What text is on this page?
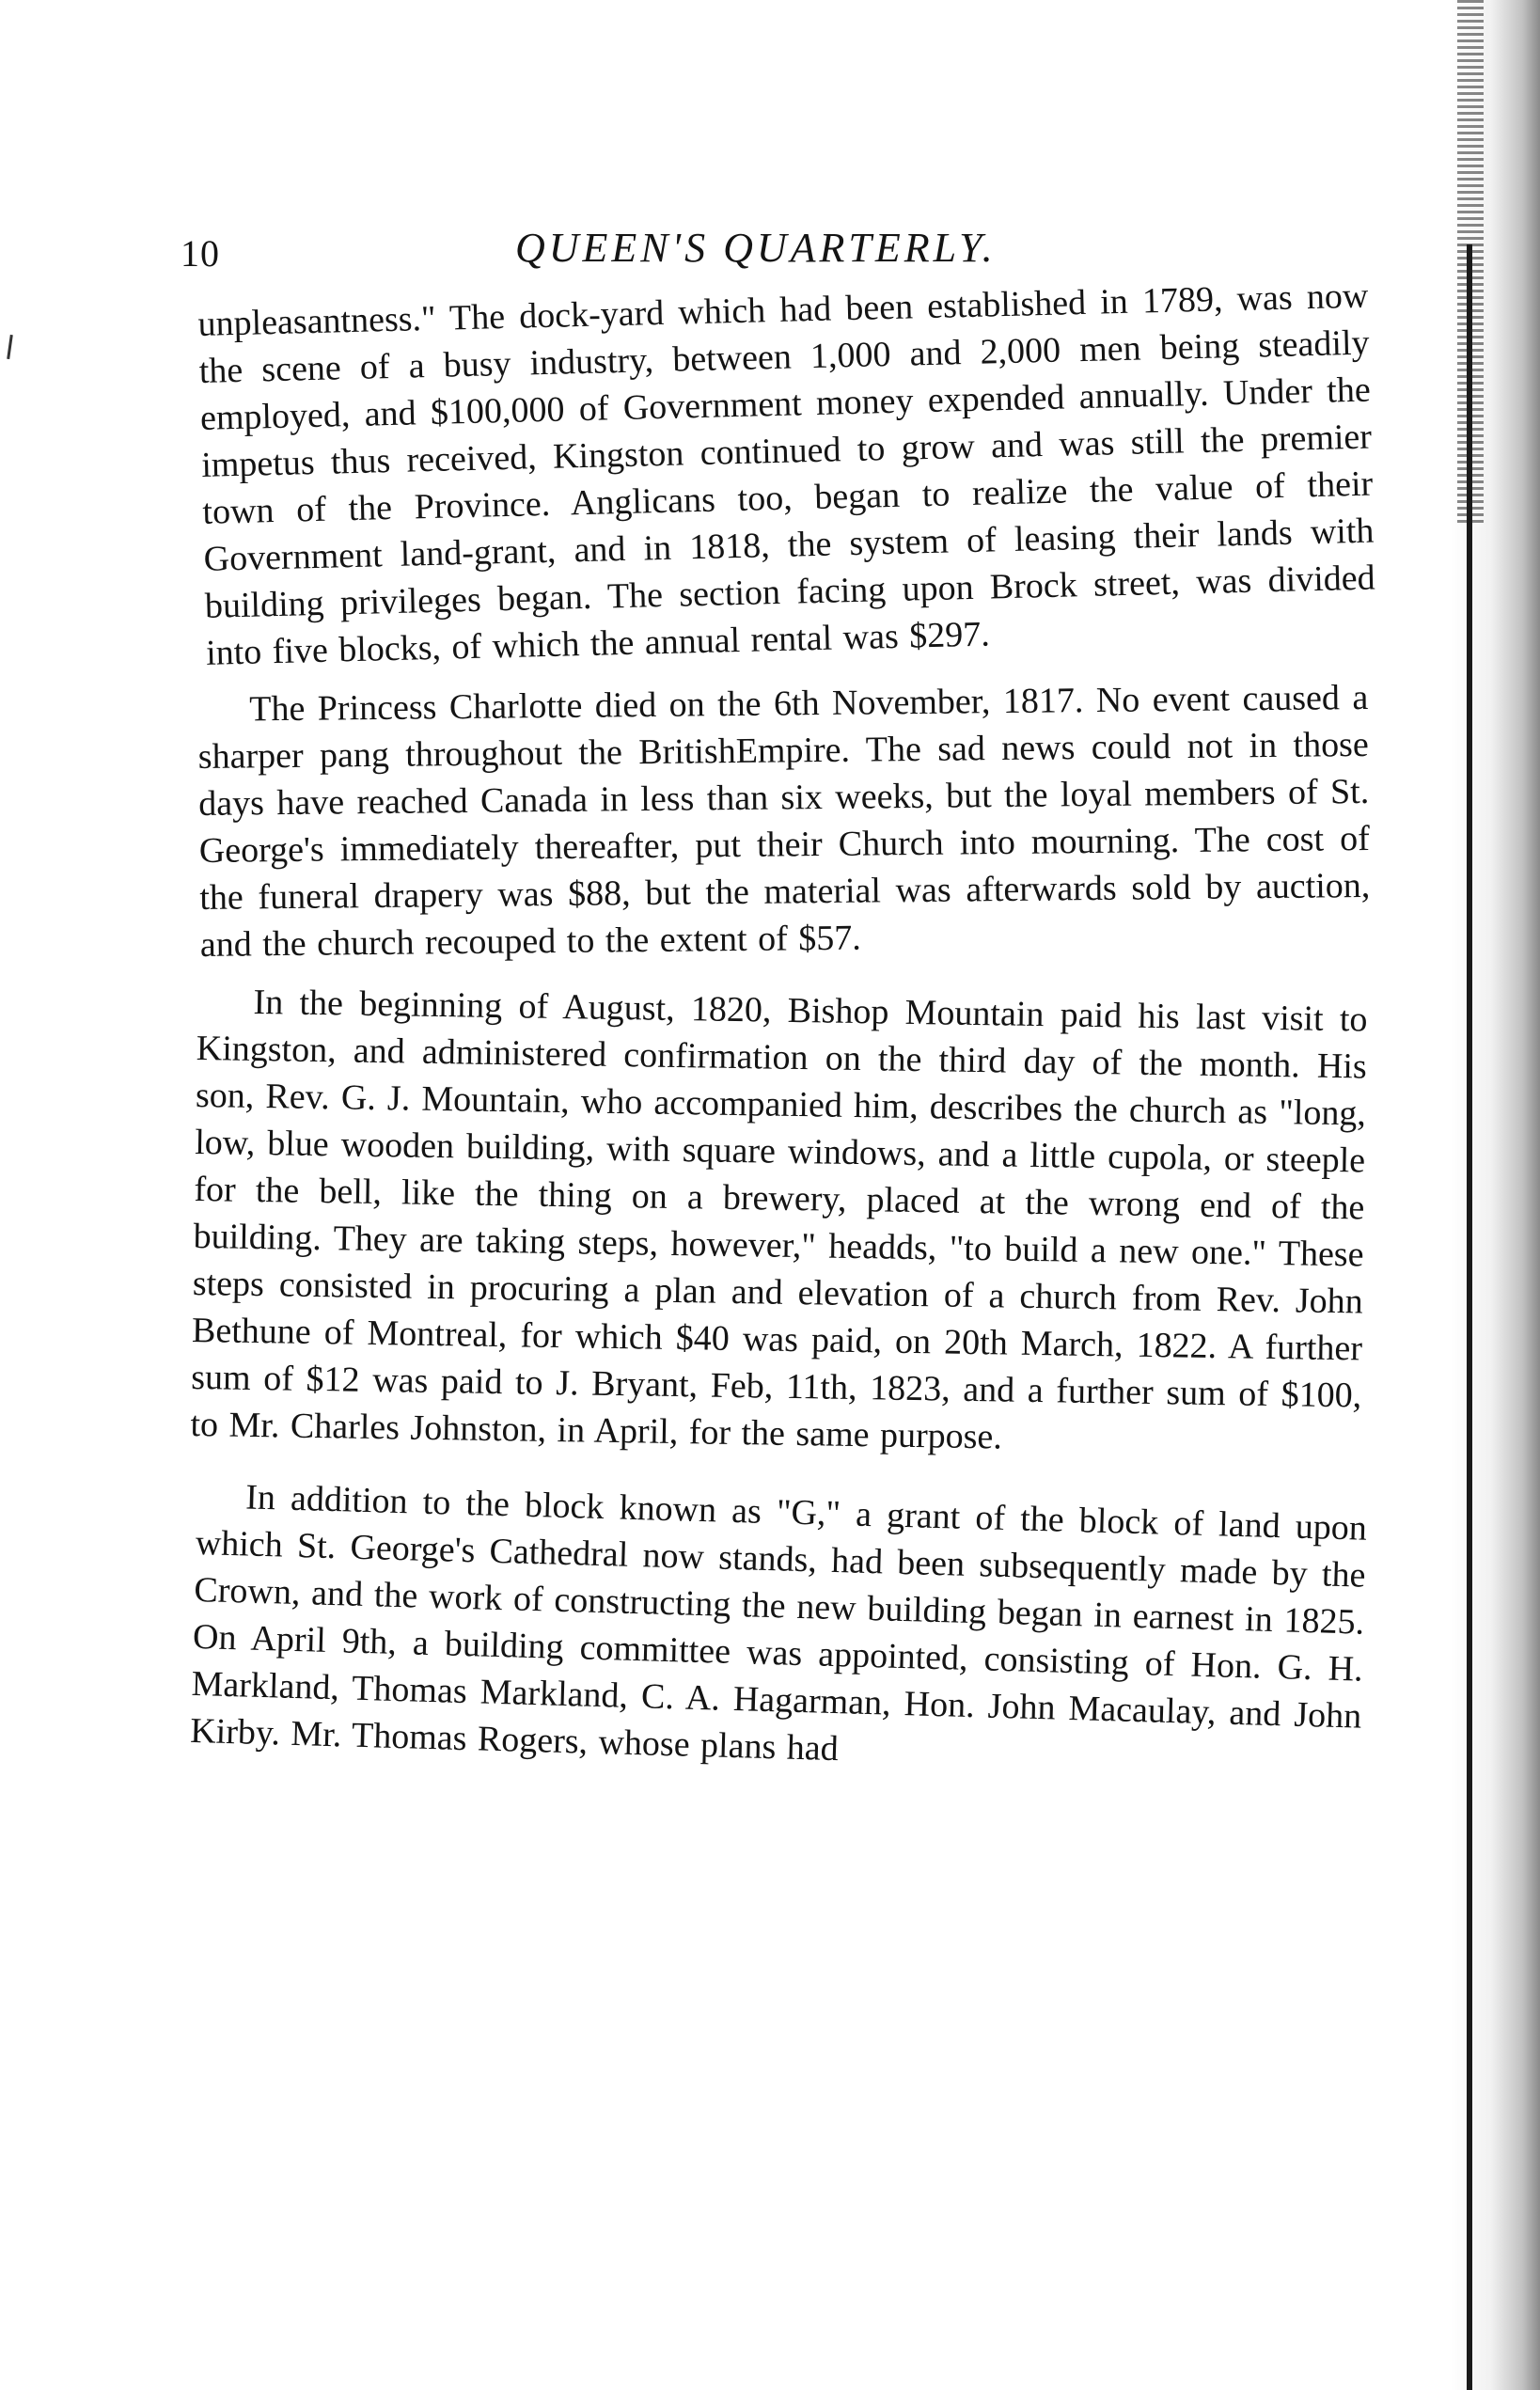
10	QUEEN'S QUARTERLY.

unpleasantness." The dock-yard which had been established in 1789, was now the scene of a busy industry, between 1,000 and 2,000 men being steadily employed, and $100,000 of Government money expended annually. Under the impetus thus received, Kingston continued to grow and was still the premier town of the Province. Anglicans too, began to realize the value of their Government land-grant, and in 1818, the system of leasing their lands with building privileges began. The section facing upon Brock street, was divided into five blocks, of which the annual rental was $297.

The Princess Charlotte died on the 6th November, 1817. No event caused a sharper pang throughout the BritishEmpire. The sad news could not in those days have reached Canada in less than six weeks, but the loyal members of St. George's immediately thereafter, put their Church into mourning. The cost of the funeral drapery was $88, but the material was afterwards sold by auction, and the church recouped to the extent of $57.

In the beginning of August, 1820, Bishop Mountain paid his last visit to Kingston, and administered confirmation on the third day of the month. His son, Rev. G. J. Mountain, who accompanied him, describes the church as "long, low, blue wooden building, with square windows, and a little cupola, or steeple for the bell, like the thing on a brewery, placed at the wrong end of the building. They are taking steps, however," headds, "to build a new one." These steps consisted in procuring a plan and elevation of a church from Rev. John Bethune of Montreal, for which $40 was paid, on 20th March, 1822. A further sum of $12 was paid to J. Bryant, Feb, 11th, 1823, and a further sum of $100, to Mr. Charles Johnston, in April, for the same purpose.

In addition to the block known as "G," a grant of the block of land upon which St. George's Cathedral now stands, had been subsequently made by the Crown, and the work of constructing the new building began in earnest in 1825. On April 9th, a building committee was appointed, consisting of Hon. G. H. Markland, Thomas Markland, C. A. Hagarman, Hon. John Macaulay, and John Kirby. Mr. Thomas Rogers, whose plans had
